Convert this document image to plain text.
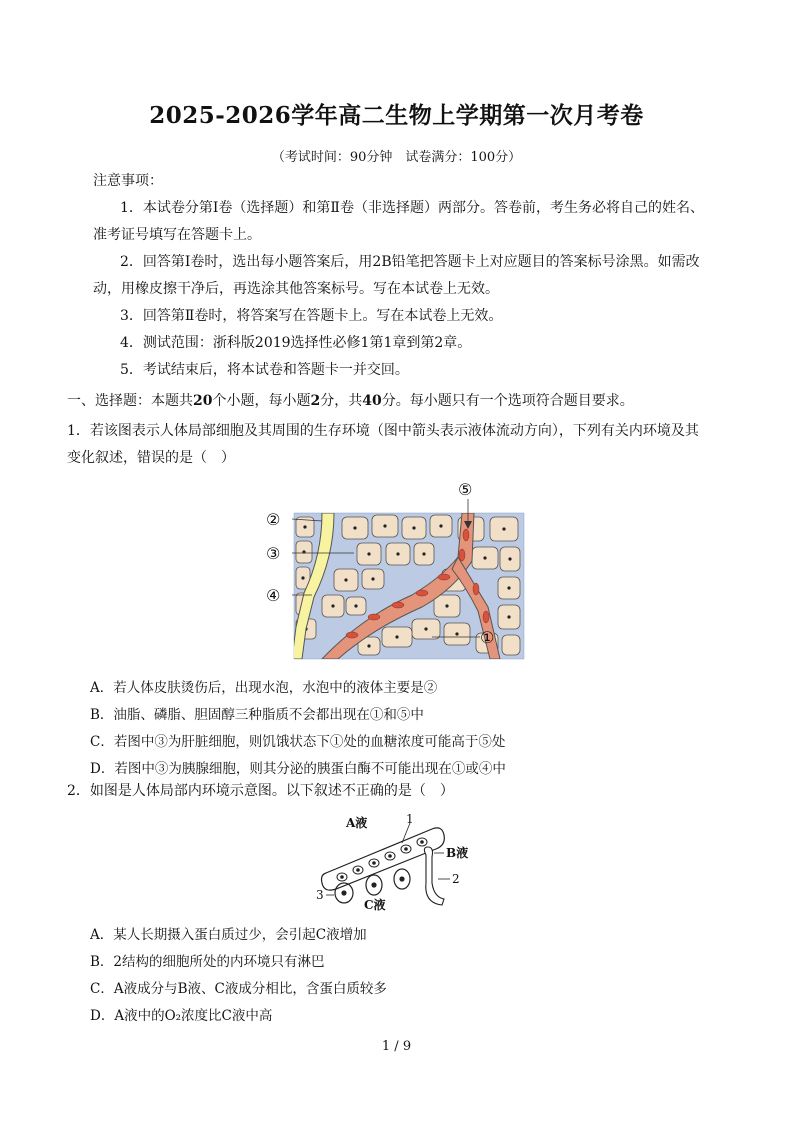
2025-2026学年高二生物上学期第一次月考卷
（考试时间：90分钟　试卷满分：100分）
注意事项：
1．本试卷分第Ⅰ卷（选择题）和第Ⅱ卷（非选择题）两部分。答卷前，考生务必将自己的姓名、
准考证号填写在答题卡上。
2．回答第Ⅰ卷时，选出每小题答案后，用2B铅笔把答题卡上对应题目的答案标号涂黑。如需改
动，用橡皮擦干净后，再选涂其他答案标号。写在本试卷上无效。
3．回答第Ⅱ卷时，将答案写在答题卡上。写在本试卷上无效。
4．测试范围：浙科版2019选择性必修1第1章到第2章。
5．考试结束后，将本试卷和答题卡一并交回。
一、选择题：本题共20个小题，每小题2分，共40分。每小题只有一个选项符合题目要求。
1．若该图表示人体局部细胞及其周围的生存环境（图中箭头表示液体流动方向），下列有关内环境及其
变化叙述，错误的是（　）
②
③
④
⑤
①
A．若人体皮肤烫伤后，出现水泡，水泡中的液体主要是②
B．油脂、磷脂、胆固醇三种脂质不会都出现在①和⑤中
C．若图中③为肝脏细胞，则饥饿状态下①处的血糖浓度可能高于⑤处
D．若图中③为胰腺细胞，则其分泌的胰蛋白酶不可能出现在①或④中
2．如图是人体局部内环境示意图。以下叙述不正确的是（　）
A液	1
B液
2
3
C液
A．某人长期摄入蛋白质过少，会引起C液增加
B．2结构的细胞所处的内环境只有淋巴
C．A液成分与B液、C液成分相比，含蛋白质较多
D．A液中的O₂浓度比C液中高
1 / 9
